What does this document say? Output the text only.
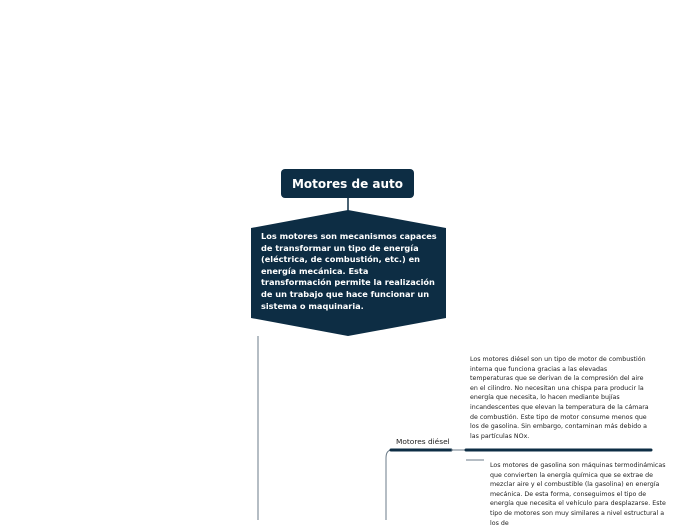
Motores de auto
Los motores son mecanismos capaces de transformar un tipo de energía (eléctrica, de combustión, etc.) en energía mecánica. Esta transformación permite la realización de un trabajo que hace funcionar un sistema o maquinaria.
Motores diésel
Los motores diésel son un tipo de motor de combustión interna que funciona gracias a las elevadas temperaturas que se derivan de la compresión del aire en el cilindro. No necesitan una chispa para producir la energía que necesita, lo hacen mediante bujías incandescentes que elevan la temperatura de la cámara de combustión. Este tipo de motor consume menos que los de gasolina. Sin embargo, contaminan más debido a las partículas NOx.
Los motores de gasolina son máquinas termodinámicas que convierten la energía química que se extrae de mezclar aire y el combustible (la gasolina) en energía mecánica. De esta forma, conseguimos el tipo de energía que necesita el vehículo para desplazarse. Este tipo de motores son muy similares a nivel estructural a los de
